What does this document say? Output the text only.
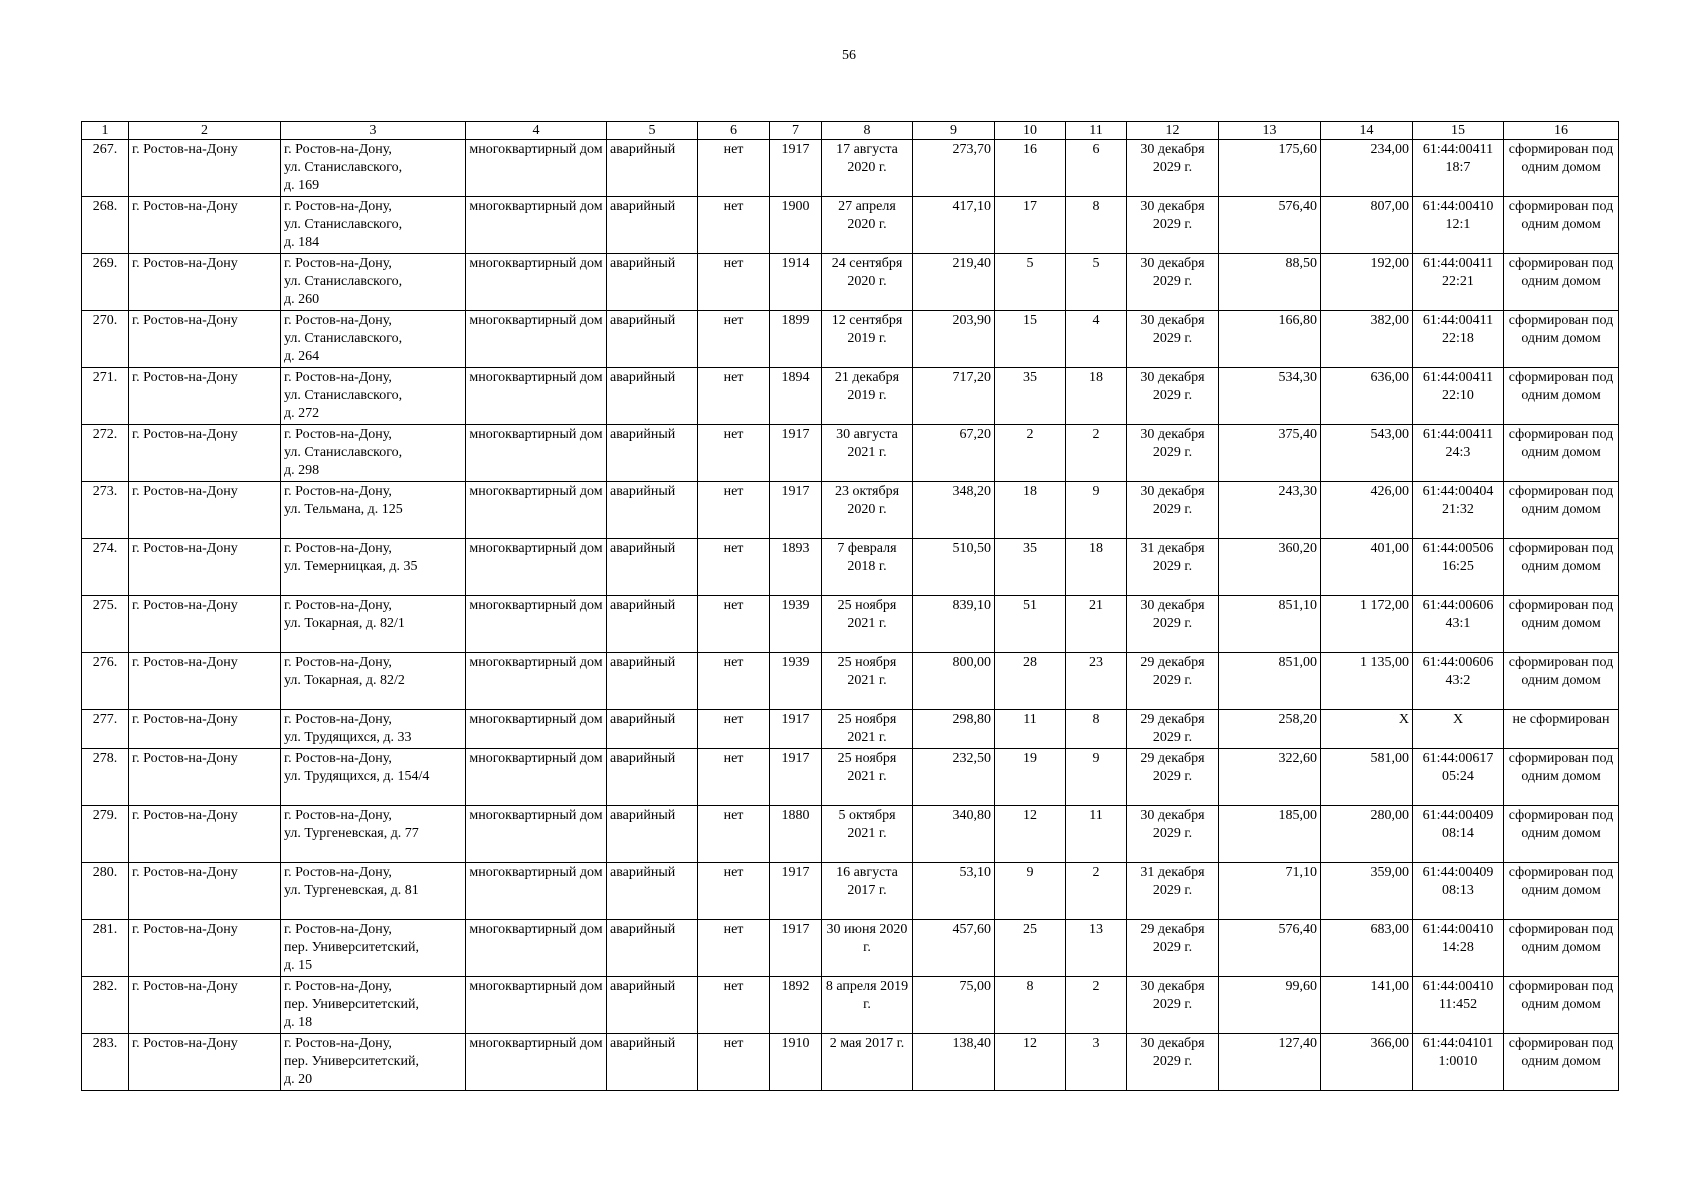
56
1	2	3	4	5	6	7	8	9	10	11	12	13	14	15	16
267.	г. Ростов-на-Дону	г. Ростов-на-Дону,
ул. Станиславского,
д. 169	многоквартирный дом	аварийный	нет	1917	17 августа 2020 г.	273,70	16	6	30 декабря 2029 г.	175,60	234,00	61:44:00411 18:7	сформирован под одним домом
268.	г. Ростов-на-Дону	г. Ростов-на-Дону,
ул. Станиславского,
д. 184	многоквартирный дом	аварийный	нет	1900	27 апреля 2020 г.	417,10	17	8	30 декабря 2029 г.	576,40	807,00	61:44:00410 12:1	сформирован под одним домом
269.	г. Ростов-на-Дону	г. Ростов-на-Дону,
ул. Станиславского,
д. 260	многоквартирный дом	аварийный	нет	1914	24 сентября 2020 г.	219,40	5	5	30 декабря 2029 г.	88,50	192,00	61:44:00411 22:21	сформирован под одним домом
270.	г. Ростов-на-Дону	г. Ростов-на-Дону,
ул. Станиславского,
д. 264	многоквартирный дом	аварийный	нет	1899	12 сентября 2019 г.	203,90	15	4	30 декабря 2029 г.	166,80	382,00	61:44:00411 22:18	сформирован под одним домом
271.	г. Ростов-на-Дону	г. Ростов-на-Дону,
ул. Станиславского,
д. 272	многоквартирный дом	аварийный	нет	1894	21 декабря 2019 г.	717,20	35	18	30 декабря 2029 г.	534,30	636,00	61:44:00411 22:10	сформирован под одним домом
272.	г. Ростов-на-Дону	г. Ростов-на-Дону,
ул. Станиславского,
д. 298	многоквартирный дом	аварийный	нет	1917	30 августа 2021 г.	67,20	2	2	30 декабря 2029 г.	375,40	543,00	61:44:00411 24:3	сформирован под одним домом
273.	г. Ростов-на-Дону	г. Ростов-на-Дону,
ул. Тельмана, д. 125	многоквартирный дом	аварийный	нет	1917	23 октября 2020 г.	348,20	18	9	30 декабря 2029 г.	243,30	426,00	61:44:00404 21:32	сформирован под одним домом
274.	г. Ростов-на-Дону	г. Ростов-на-Дону,
ул. Темерницкая, д. 35	многоквартирный дом	аварийный	нет	1893	7 февраля 2018 г.	510,50	35	18	31 декабря 2029 г.	360,20	401,00	61:44:00506 16:25	сформирован под одним домом
275.	г. Ростов-на-Дону	г. Ростов-на-Дону,
ул. Токарная, д. 82/1	многоквартирный дом	аварийный	нет	1939	25 ноября 2021 г.	839,10	51	21	30 декабря 2029 г.	851,10	1 172,00	61:44:00606 43:1	сформирован под одним домом
276.	г. Ростов-на-Дону	г. Ростов-на-Дону,
ул. Токарная, д. 82/2	многоквартирный дом	аварийный	нет	1939	25 ноября 2021 г.	800,00	28	23	29 декабря 2029 г.	851,00	1 135,00	61:44:00606 43:2	сформирован под одним домом
277.	г. Ростов-на-Дону	г. Ростов-на-Дону,
ул. Трудящихся, д. 33	многоквартирный дом	аварийный	нет	1917	25 ноября 2021 г.	298,80	11	8	29 декабря 2029 г.	258,20	Х	Х	не сформирован
278.	г. Ростов-на-Дону	г. Ростов-на-Дону,
ул. Трудящихся, д. 154/4	многоквартирный дом	аварийный	нет	1917	25 ноября 2021 г.	232,50	19	9	29 декабря 2029 г.	322,60	581,00	61:44:00617 05:24	сформирован под одним домом
279.	г. Ростов-на-Дону	г. Ростов-на-Дону,
ул. Тургеневская, д. 77	многоквартирный дом	аварийный	нет	1880	5 октября 2021 г.	340,80	12	11	30 декабря 2029 г.	185,00	280,00	61:44:00409 08:14	сформирован под одним домом
280.	г. Ростов-на-Дону	г. Ростов-на-Дону,
ул. Тургеневская, д. 81	многоквартирный дом	аварийный	нет	1917	16 августа 2017 г.	53,10	9	2	31 декабря 2029 г.	71,10	359,00	61:44:00409 08:13	сформирован под одним домом
281.	г. Ростов-на-Дону	г. Ростов-на-Дону,
пер. Университетский,
д. 15	многоквартирный дом	аварийный	нет	1917	30 июня 2020 г.	457,60	25	13	29 декабря 2029 г.	576,40	683,00	61:44:00410 14:28	сформирован под одним домом
282.	г. Ростов-на-Дону	г. Ростов-на-Дону,
пер. Университетский,
д. 18	многоквартирный дом	аварийный	нет	1892	8 апреля 2019 г.	75,00	8	2	30 декабря 2029 г.	99,60	141,00	61:44:00410 11:452	сформирован под одним домом
283.	г. Ростов-на-Дону	г. Ростов-на-Дону,
пер. Университетский,
д. 20	многоквартирный дом	аварийный	нет	1910	2 мая 2017 г.	138,40	12	3	30 декабря 2029 г.	127,40	366,00	61:44:04101 1:0010	сформирован под одним домом
